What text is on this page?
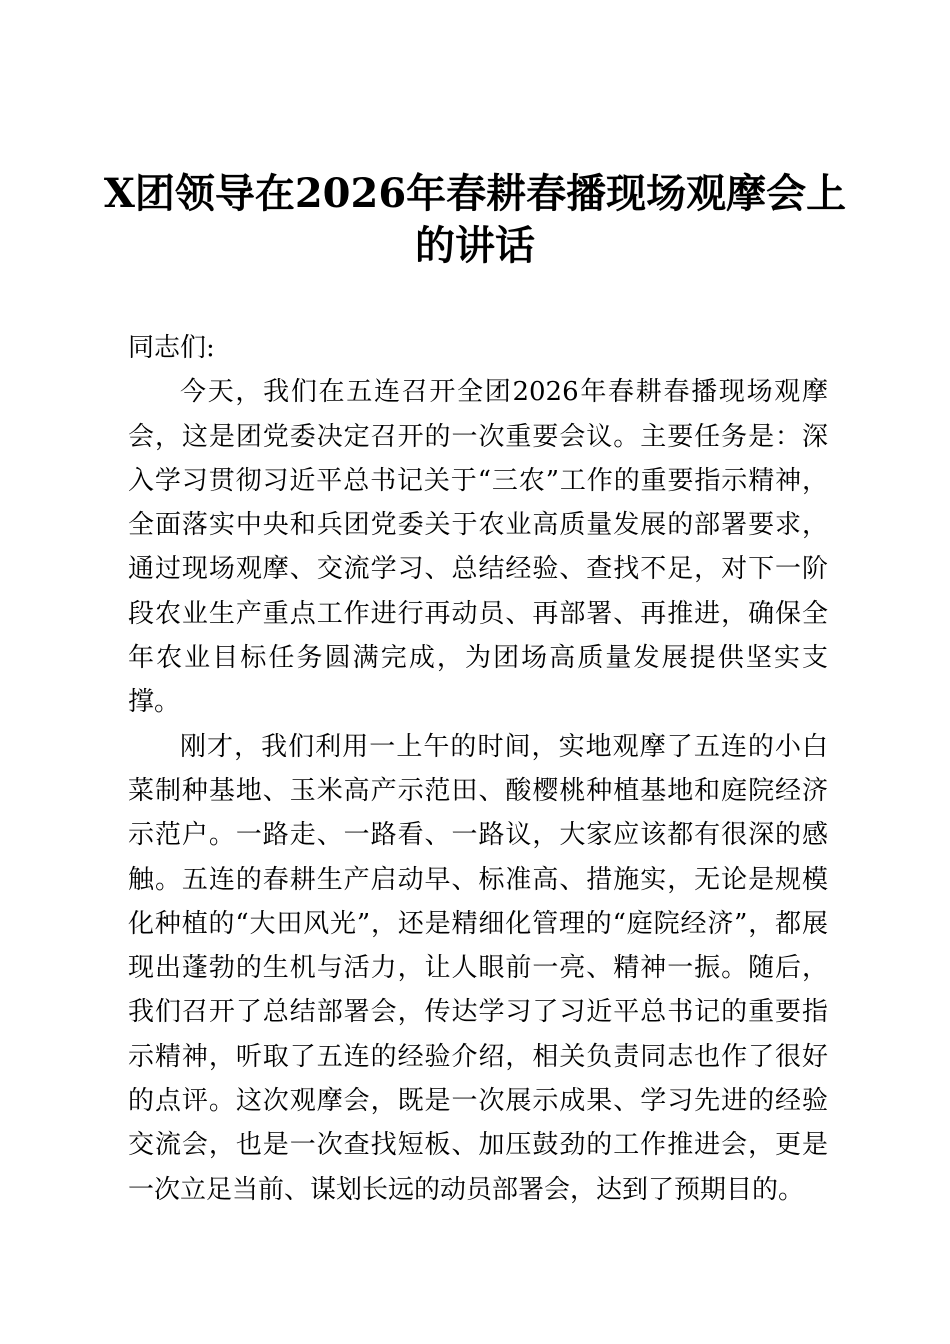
X团领导在2026年春耕春播现场观摩会上的讲话

同志们:

今天，我们在五连召开全团2026年春耕春播现场观摩会，这是团党委决定召开的一次重要会议。主要任务是：深入学习贯彻习近平总书记关于“三农”工作的重要指示精神，全面落实中央和兵团党委关于农业高质量发展的部署要求，通过现场观摩、交流学习、总结经验、查找不足，对下一阶段农业生产重点工作进行再动员、再部署、再推进，确保全年农业目标任务圆满完成，为团场高质量发展提供坚实支撑。

刚才，我们利用一上午的时间，实地观摩了五连的小白菜制种基地、玉米高产示范田、酸樱桃种植基地和庭院经济示范户。一路走、一路看、一路议，大家应该都有很深的感触。五连的春耕生产启动早、标准高、措施实，无论是规模化种植的“大田风光”，还是精细化管理的“庭院经济”，都展现出蓬勃的生机与活力，让人眼前一亮、精神一振。随后，我们召开了总结部署会，传达学习了习近平总书记的重要指示精神，听取了五连的经验介绍，相关负责同志也作了很好的点评。这次观摩会，既是一次展示成果、学习先进的经验交流会，也是一次查找短板、加压鼓劲的工作推进会，更是一次立足当前、谋划长远的动员部署会，达到了预期目的。
